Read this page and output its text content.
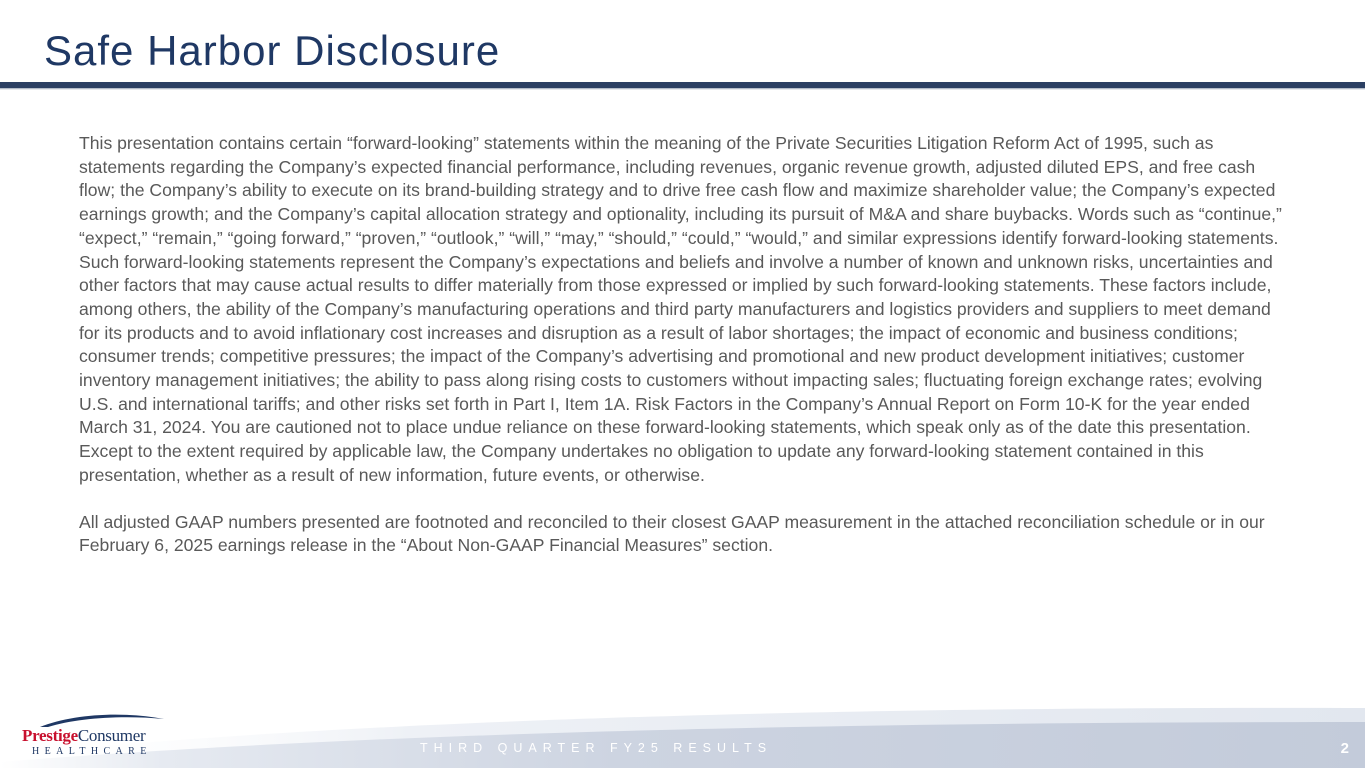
Safe Harbor Disclosure

This presentation contains certain “forward-looking” statements within the meaning of the Private Securities Litigation Reform Act of 1995, such as statements regarding the Company’s expected financial performance, including revenues, organic revenue growth, adjusted diluted EPS, and free cash flow; the Company’s ability to execute on its brand-building strategy and to drive free cash flow and maximize shareholder value; the Company’s expected earnings growth; and the Company’s capital allocation strategy and optionality, including its pursuit of M&A and share buybacks. Words such as “continue,” “expect,” “remain,” “going forward,” “proven,” “outlook,” “will,” “may,” “should,” “could,” “would,” and similar expressions identify forward-looking statements. Such forward-looking statements represent the Company’s expectations and beliefs and involve a number of known and unknown risks, uncertainties and other factors that may cause actual results to differ materially from those expressed or implied by such forward-looking statements. These factors include, among others, the ability of the Company’s manufacturing operations and third party manufacturers and logistics providers and suppliers to meet demand for its products and to avoid inflationary cost increases and disruption as a result of labor shortages; the impact of economic and business conditions; consumer trends; competitive pressures; the impact of the Company’s advertising and promotional and new product development initiatives; customer inventory management initiatives; the ability to pass along rising costs to customers without impacting sales; fluctuating foreign exchange rates; evolving U.S. and international tariffs; and other risks set forth in Part I, Item 1A. Risk Factors in the Company’s Annual Report on Form 10-K for the year ended March 31, 2024. You are cautioned not to place undue reliance on these forward-looking statements, which speak only as of the date this presentation. Except to the extent required by applicable law, the Company undertakes no obligation to update any forward-looking statement contained in this presentation, whether as a result of new information, future events, or otherwise.

All adjusted GAAP numbers presented are footnoted and reconciled to their closest GAAP measurement in the attached reconciliation schedule or in our February 6, 2025 earnings release in the “About Non-GAAP Financial Measures” section.

THIRD QUARTER FY25 RESULTS	2
PrestigeConsumer
HEALTHCARE
